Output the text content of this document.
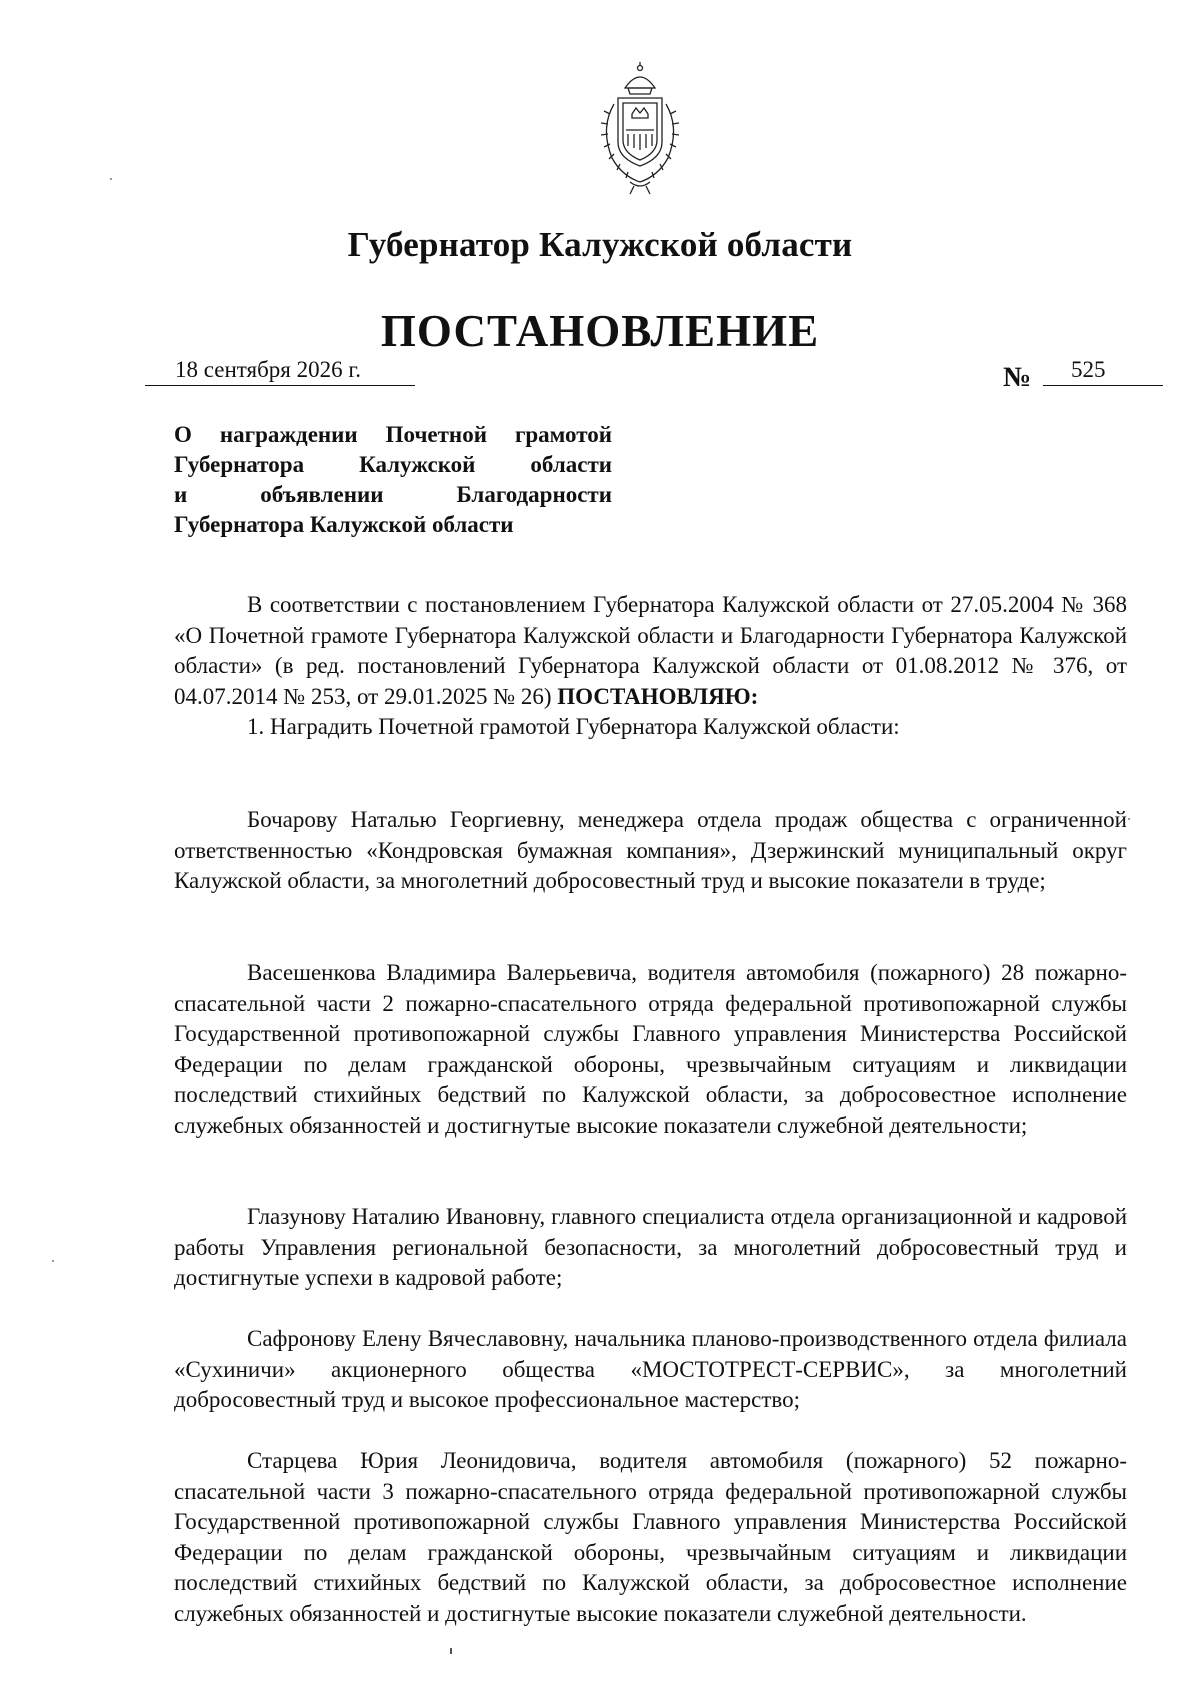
Губернатор Калужской области
ПОСТАНОВЛЕНИЕ
18 сентября 2026 г.	№	525
О награждении Почетной грамотой
Губернатора Калужской области
и объявлении Благодарности
Губернатора Калужской области
В соответствии с постановлением Губернатора Калужской области от 27.05.2004 № 368 «О Почетной грамоте Губернатора Калужской области и Благодарности Губернатора Калужской области» (в ред. постановлений Губернатора Калужской области от 01.08.2012 № 376, от 04.07.2014 № 253, от 29.01.2025 № 26) ПОСТАНОВЛЯЮ:
1. Наградить Почетной грамотой Губернатора Калужской области:
Бочарову Наталью Георгиевну, менеджера отдела продаж общества с ограниченной ответственностью «Кондровская бумажная компания», Дзержинский муниципальный округ Калужской области, за многолетний добросовестный труд и высокие показатели в труде;
Васешенкова Владимира Валерьевича, водителя автомобиля (пожарного) 28 пожарно-спасательной части 2 пожарно-спасательного отряда федеральной противопожарной службы Государственной противопожарной службы Главного управления Министерства Российской Федерации по делам гражданской обороны, чрезвычайным ситуациям и ликвидации последствий стихийных бедствий по Калужской области, за добросовестное исполнение служебных обязанностей и достигнутые высокие показатели служебной деятельности;
Глазунову Наталию Ивановну, главного специалиста отдела организационной и кадровой работы Управления региональной безопасности, за многолетний добросовестный труд и достигнутые успехи в кадровой работе;
Сафронову Елену Вячеславовну, начальника планово-производственного отдела филиала «Сухиничи» акционерного общества «МОСТОТРЕСТ-СЕРВИС», за многолетний добросовестный труд и высокое профессиональное мастерство;
Старцева Юрия Леонидовича, водителя автомобиля (пожарного) 52 пожарно-спасательной части 3 пожарно-спасательного отряда федеральной противопожарной службы Государственной противопожарной службы Главного управления Министерства Российской Федерации по делам гражданской обороны, чрезвычайным ситуациям и ликвидации последствий стихийных бедствий по Калужской области, за добросовестное исполнение служебных обязанностей и достигнутые высокие показатели служебной деятельности.
